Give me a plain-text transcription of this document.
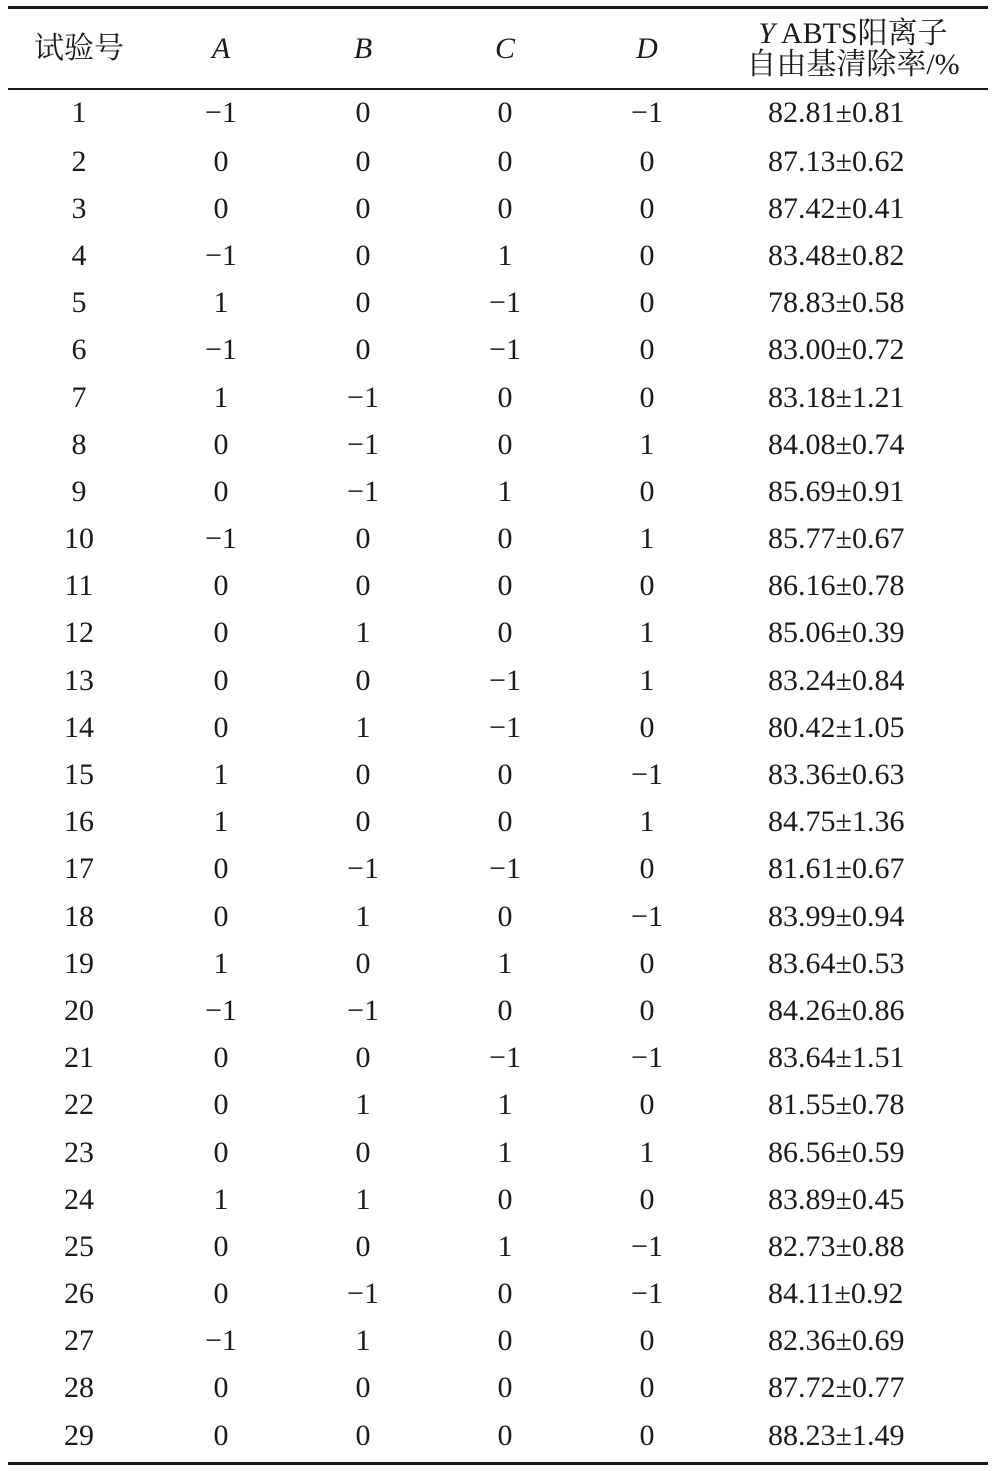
试验号	A	B	C	D	Y ABTS阳离子
自由基清除率/%

1	−1	0	0	−1	82.81±0.81
2	0	0	0	0	87.13±0.62
3	0	0	0	0	87.42±0.41
4	−1	0	1	0	83.48±0.82
5	1	0	−1	0	78.83±0.58
6	−1	0	−1	0	83.00±0.72
7	1	−1	0	0	83.18±1.21
8	0	−1	0	1	84.08±0.74
9	0	−1	1	0	85.69±0.91
10	−1	0	0	1	85.77±0.67
11	0	0	0	0	86.16±0.78
12	0	1	0	1	85.06±0.39
13	0	0	−1	1	83.24±0.84
14	0	1	−1	0	80.42±1.05
15	1	0	0	−1	83.36±0.63
16	1	0	0	1	84.75±1.36
17	0	−1	−1	0	81.61±0.67
18	0	1	0	−1	83.99±0.94
19	1	0	1	0	83.64±0.53
20	−1	−1	0	0	84.26±0.86
21	0	0	−1	−1	83.64±1.51
22	0	1	1	0	81.55±0.78
23	0	0	1	1	86.56±0.59
24	1	1	0	0	83.89±0.45
25	0	0	1	−1	82.73±0.88
26	0	−1	0	−1	84.11±0.92
27	−1	1	0	0	82.36±0.69
28	0	0	0	0	87.72±0.77
29	0	0	0	0	88.23±1.49
